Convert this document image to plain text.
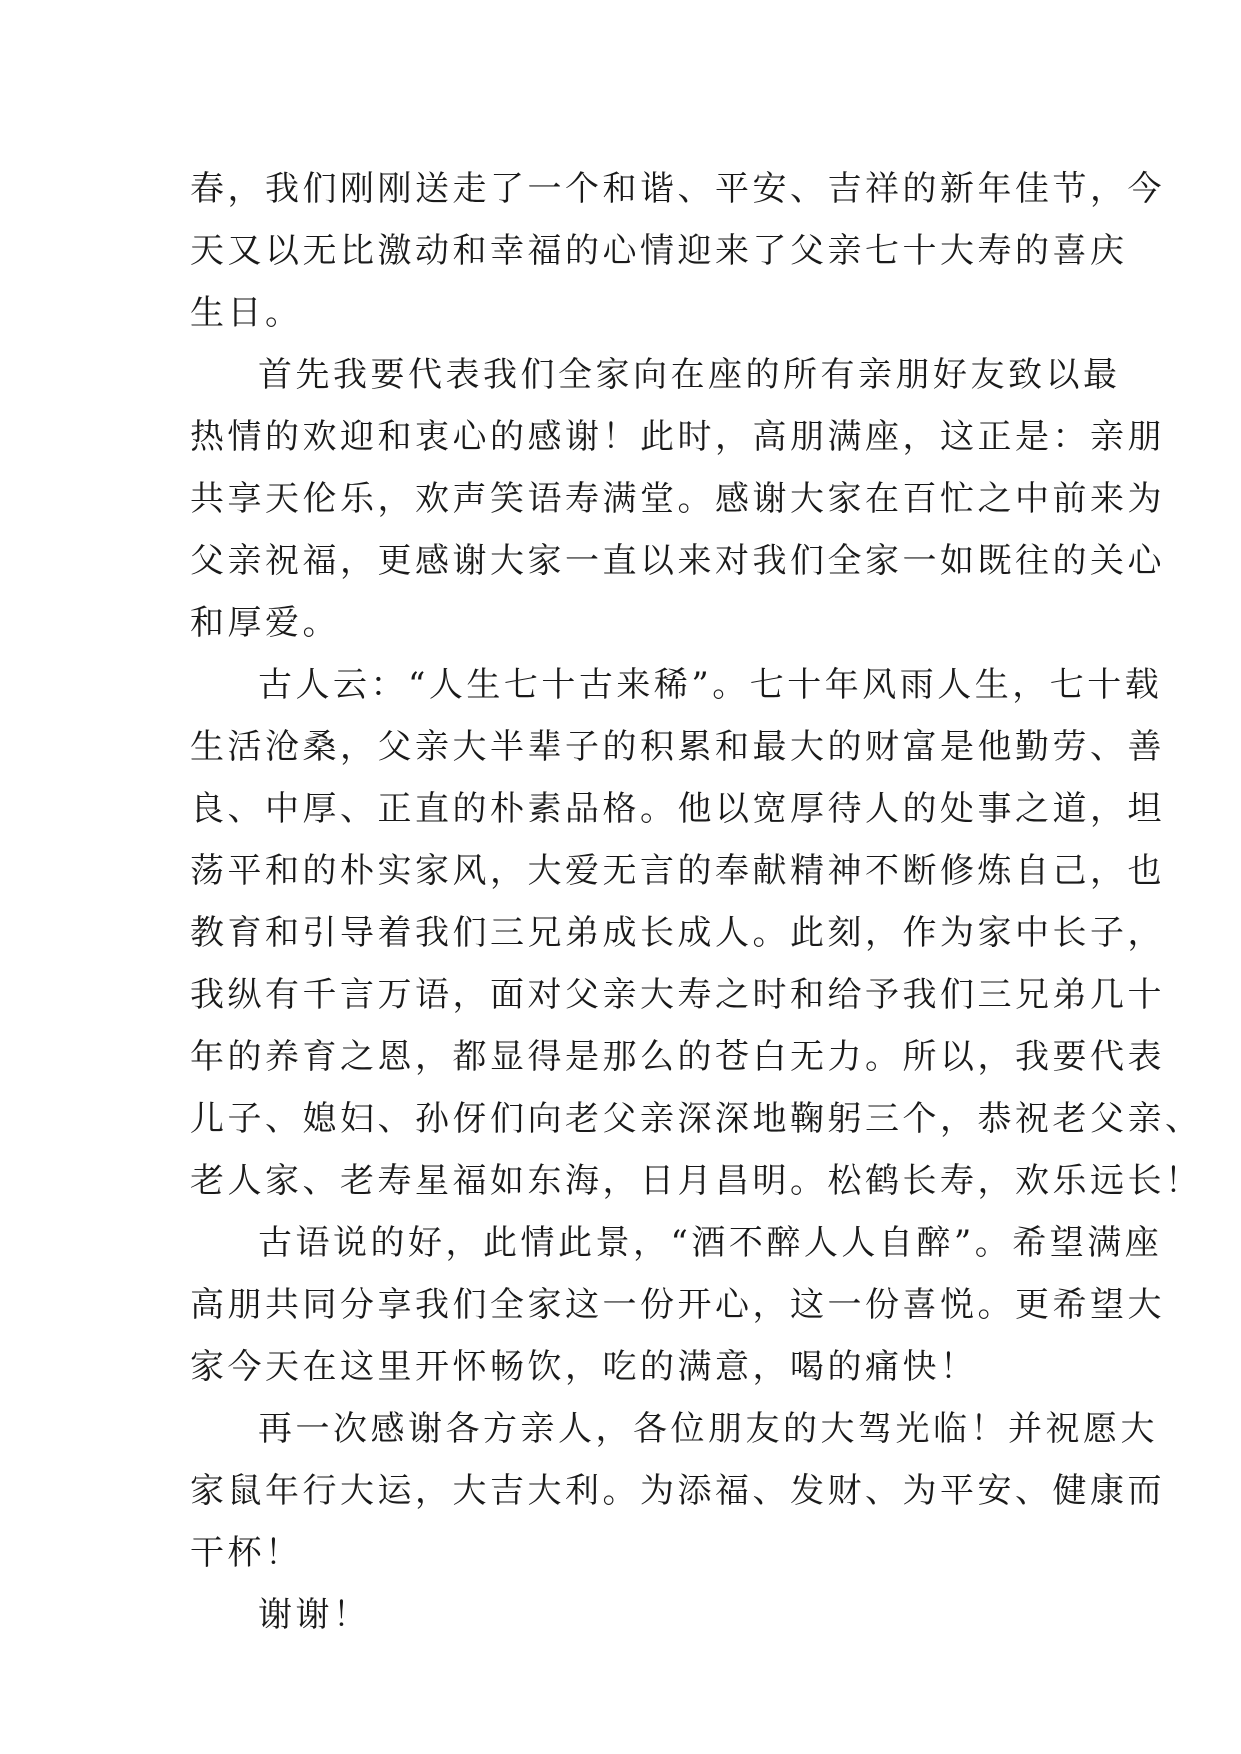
春，我们刚刚送走了一个和谐、平安、吉祥的新年佳节，今
天又以无比激动和幸福的心情迎来了父亲七十大寿的喜庆
生日。
首先我要代表我们全家向在座的所有亲朋好友致以最
热情的欢迎和衷心的感谢！此时，高朋满座，这正是：亲朋
共享天伦乐，欢声笑语寿满堂。感谢大家在百忙之中前来为
父亲祝福，更感谢大家一直以来对我们全家一如既往的关心
和厚爱。
古人云：“人生七十古来稀”。七十年风雨人生，七十载
生活沧桑，父亲大半辈子的积累和最大的财富是他勤劳、善
良、中厚、正直的朴素品格。他以宽厚待人的处事之道，坦
荡平和的朴实家风，大爱无言的奉献精神不断修炼自己，也
教育和引导着我们三兄弟成长成人。此刻，作为家中长子，
我纵有千言万语，面对父亲大寿之时和给予我们三兄弟几十
年的养育之恩，都显得是那么的苍白无力。所以，我要代表
儿子、媳妇、孙伢们向老父亲深深地鞠躬三个，恭祝老父亲、
老人家、老寿星福如东海，日月昌明。松鹤长寿，欢乐远长！
古语说的好，此情此景，“酒不醉人人自醉”。希望满座
高朋共同分享我们全家这一份开心，这一份喜悦。更希望大
家今天在这里开怀畅饮，吃的满意，喝的痛快！
再一次感谢各方亲人，各位朋友的大驾光临！并祝愿大
家鼠年行大运，大吉大利。为添福、发财、为平安、健康而
干杯！
谢谢！
